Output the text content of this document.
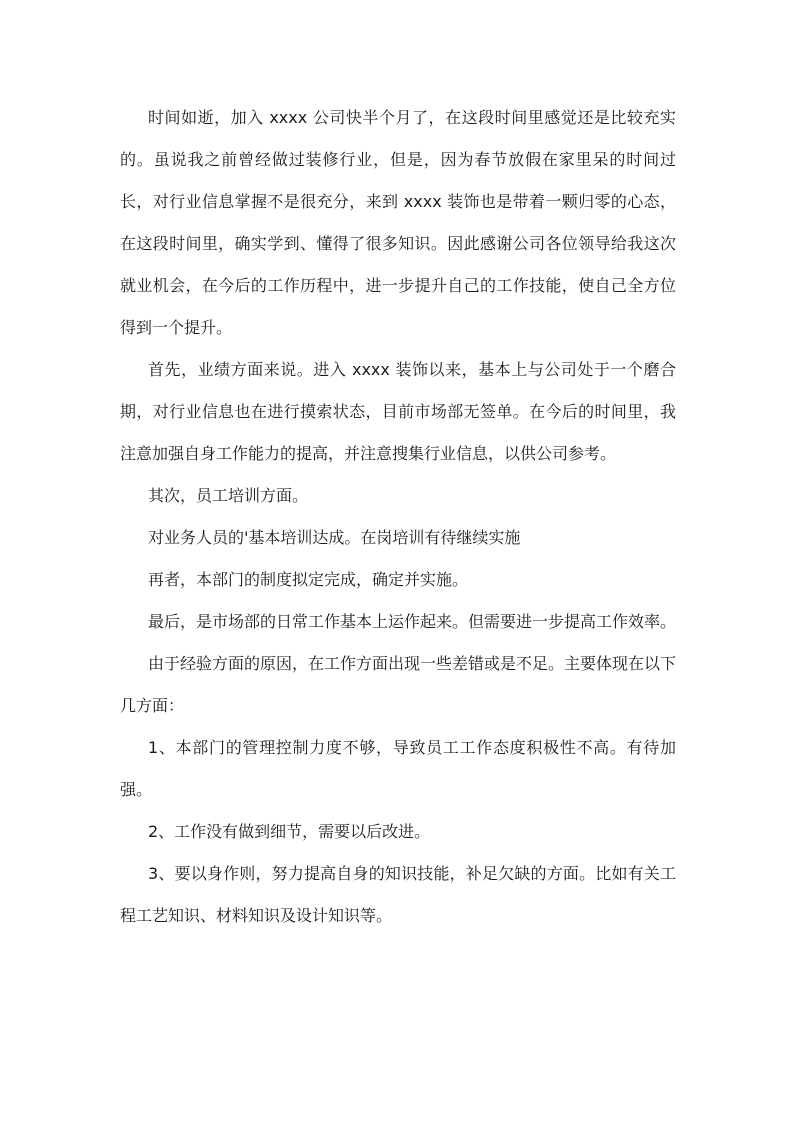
时间如逝，加入 xxxx 公司快半个月了，在这段时间里感觉还是比较充实的。虽说我之前曾经做过装修行业，但是，因为春节放假在家里呆的时间过长，对行业信息掌握不是很充分，来到 xxxx 装饰也是带着一颗归零的心态，在这段时间里，确实学到、懂得了很多知识。因此感谢公司各位领导给我这次就业机会，在今后的工作历程中，进一步提升自己的工作技能，使自己全方位得到一个提升。

首先，业绩方面来说。进入 xxxx 装饰以来，基本上与公司处于一个磨合期，对行业信息也在进行摸索状态，目前市场部无签单。在今后的时间里，我注意加强自身工作能力的提高，并注意搜集行业信息，以供公司参考。

其次，员工培训方面。

对业务人员的'基本培训达成。在岗培训有待继续实施

再者，本部门的制度拟定完成，确定并实施。

最后，是市场部的日常工作基本上运作起来。但需要进一步提高工作效率。

由于经验方面的原因，在工作方面出现一些差错或是不足。主要体现在以下几方面：

1、本部门的管理控制力度不够，导致员工工作态度积极性不高。有待加强。

2、工作没有做到细节，需要以后改进。

3、要以身作则，努力提高自身的知识技能，补足欠缺的方面。比如有关工程工艺知识、材料知识及设计知识等。
